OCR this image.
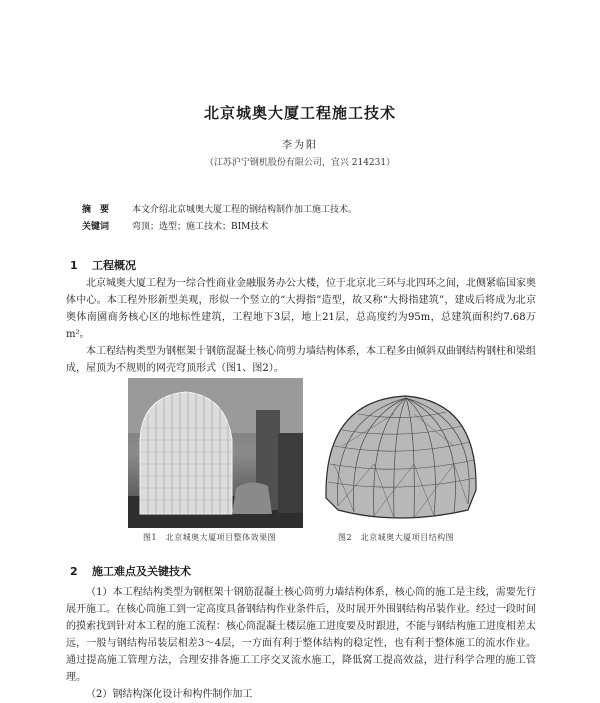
北京城奥大厦工程施工技术
李为阳
（江苏沪宁钢机股份有限公司，宜兴 214231）
摘　要	本文介绍北京城奥大厦工程的钢结构制作加工施工技术。
关键词	弯顶；选型；施工技术；BIM技术
1 工程概况

北京城奥大厦工程为一综合性商业金融服务办公大楼，位于北京北三环与北四环之间，北侧紧临国家奥体中心。本工程外形新型美观，形似一个竖立的“大拇指”造型，故又称“大拇指建筑”，建成后将成为北京奥体南園商务核心区的地标性建筑，工程地下3层，地上21层，总高度约为95m，总建筑面积约7.68万m²。

本工程结构类型为钢框架十钢筋混凝土核心筒剪力墙结构体系，本工程多由倾斜双曲钢结构钢柱和梁组成，屋顶为不规则的网壳穹顶形式（图1、图2）。

图1　北京城奥大厦项目整体效果图	图2　北京城奥大厦项目结构图
2 施工难点及关键技术

（1）本工程结构类型为钢框架十钢筋混凝土核心筒剪力墙结构体系，核心筒的施工是主线，需要先行展开施工。在核心筒施工到一定高度具备钢结构作业条件后，及时展开外围钢结构吊装作业。经过一段时间的摸索找到针对本工程的施工流程：核心筒混凝土楼层施工进度要及时跟进，不能与钢结构施工进度相差太远，一般与钢结构吊装层相差3～4层，一方面有利于整体结构的稳定性，也有利于整体施工的流水作业。通过提高施工管理方法，合理安排各施工工序交叉流水施工，降低窝工提高效益，进行科学合理的施工管理。

（2）钢结构深化设计和构件制作加工
